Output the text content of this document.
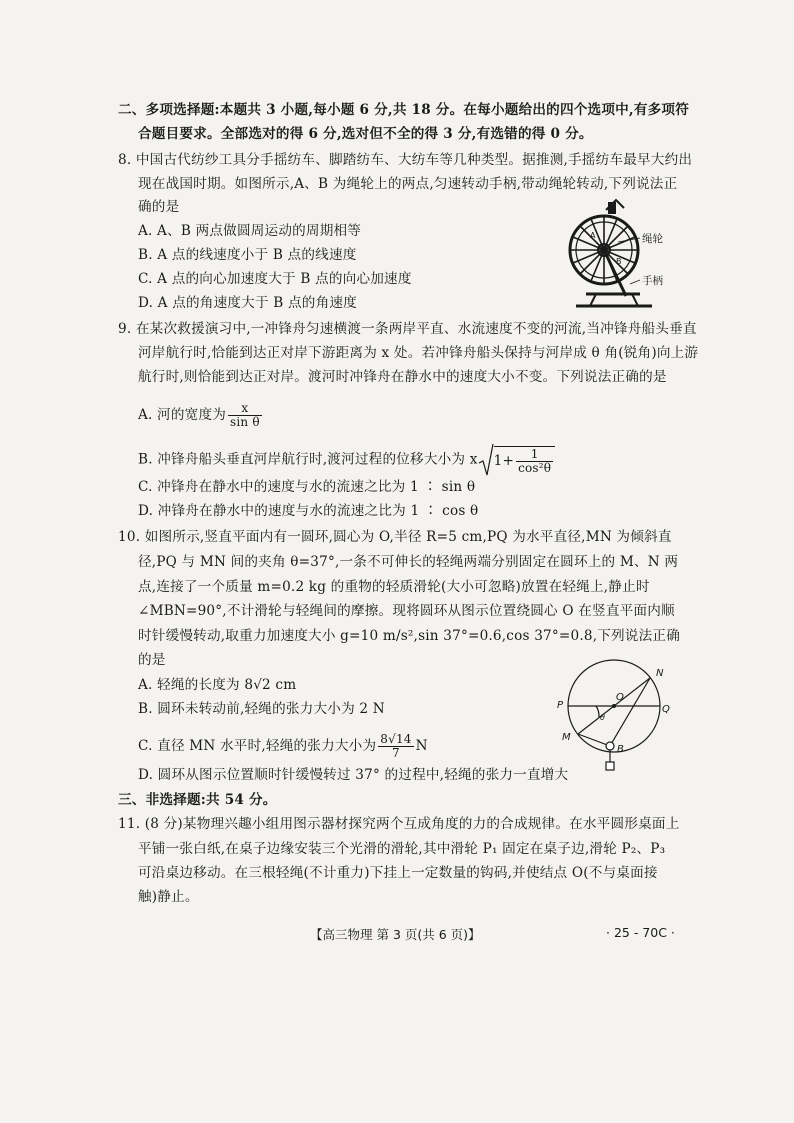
二、多项选择题:本题共 3 小题,每小题 6 分,共 18 分。在每小题给出的四个选项中,有多项符
合题目要求。全部选对的得 6 分,选对但不全的得 3 分,有选错的得 0 分。
8. 中国古代纺纱工具分手摇纺车、脚踏纺车、大纺车等几种类型。据推测,手摇纺车最早大约出
现在战国时期。如图所示,A、B 为绳轮上的两点,匀速转动手柄,带动绳轮转动,下列说法正
确的是
A. A、B 两点做圆周运动的周期相等
B. A 点的线速度小于 B 点的线速度
C. A 点的向心加速度大于 B 点的向心加速度
D. A 点的角速度大于 B 点的角速度
A
B
绳轮
手柄
9. 在某次救援演习中,一冲锋舟匀速横渡一条两岸平直、水流速度不变的河流,当冲锋舟船头垂直
河岸航行时,恰能到达正对岸下游距离为 x 处。若冲锋舟船头保持与河岸成 θ 角(锐角)向上游
航行时,则恰能到达正对岸。渡河时冲锋舟在静水中的速度大小不变。下列说法正确的是
A. 河的宽度为 $\frac{x}{\text{sin θ}}$
B. 冲锋舟船头垂直河岸航行时,渡河过程的位移大小为 x $1+ \frac{1}{\text{cos²θ}}$
C. 冲锋舟在静水中的速度与水的流速之比为 1 ∶ sin θ
D. 冲锋舟在静水中的速度与水的流速之比为 1 ∶ cos θ
10. 如图所示,竖直平面内有一圆环,圆心为 O,半径 R=5 cm,PQ 为水平直径,MN 为倾斜直
径,PQ 与 MN 间的夹角 θ=37°,一条不可伸长的轻绳两端分别固定在圆环上的 M、N 两
点,连接了一个质量 m=0.2 kg 的重物的轻质滑轮(大小可忽略)放置在轻绳上,静止时
∠MBN=90°,不计滑轮与轻绳间的摩擦。现将圆环从图示位置绕圆心 O 在竖直平面内顺
时针缓慢转动,取重力加速度大小 g=10 m/s²,sin 37°=0.6,cos 37°=0.8,下列说法正确
的是
A. 轻绳的长度为 8√2 cm
B. 圆环未转动前,轻绳的张力大小为 2 N
C. 直径 MN 水平时,轻绳的张力大小为 $\frac{8√14}{7}$ N
D. 圆环从图示位置顺时针缓慢转过 37° 的过程中,轻绳的张力一直增大
N
Q
P
O
M
B
θ
三、非选择题:共 54 分。
11. (8 分)某物理兴趣小组用图示器材探究两个互成角度的力的合成规律。在水平圆形桌面上
平铺一张白纸,在桌子边缘安装三个光滑的滑轮,其中滑轮 P₁ 固定在桌子边,滑轮 P₂、P₃
可沿桌边移动。在三根轻绳(不计重力)下挂上一定数量的钩码,并使结点 O(不与桌面接
触)静止。
【高三物理 第 3 页(共 6 页)】	· 25 - 70C ·
